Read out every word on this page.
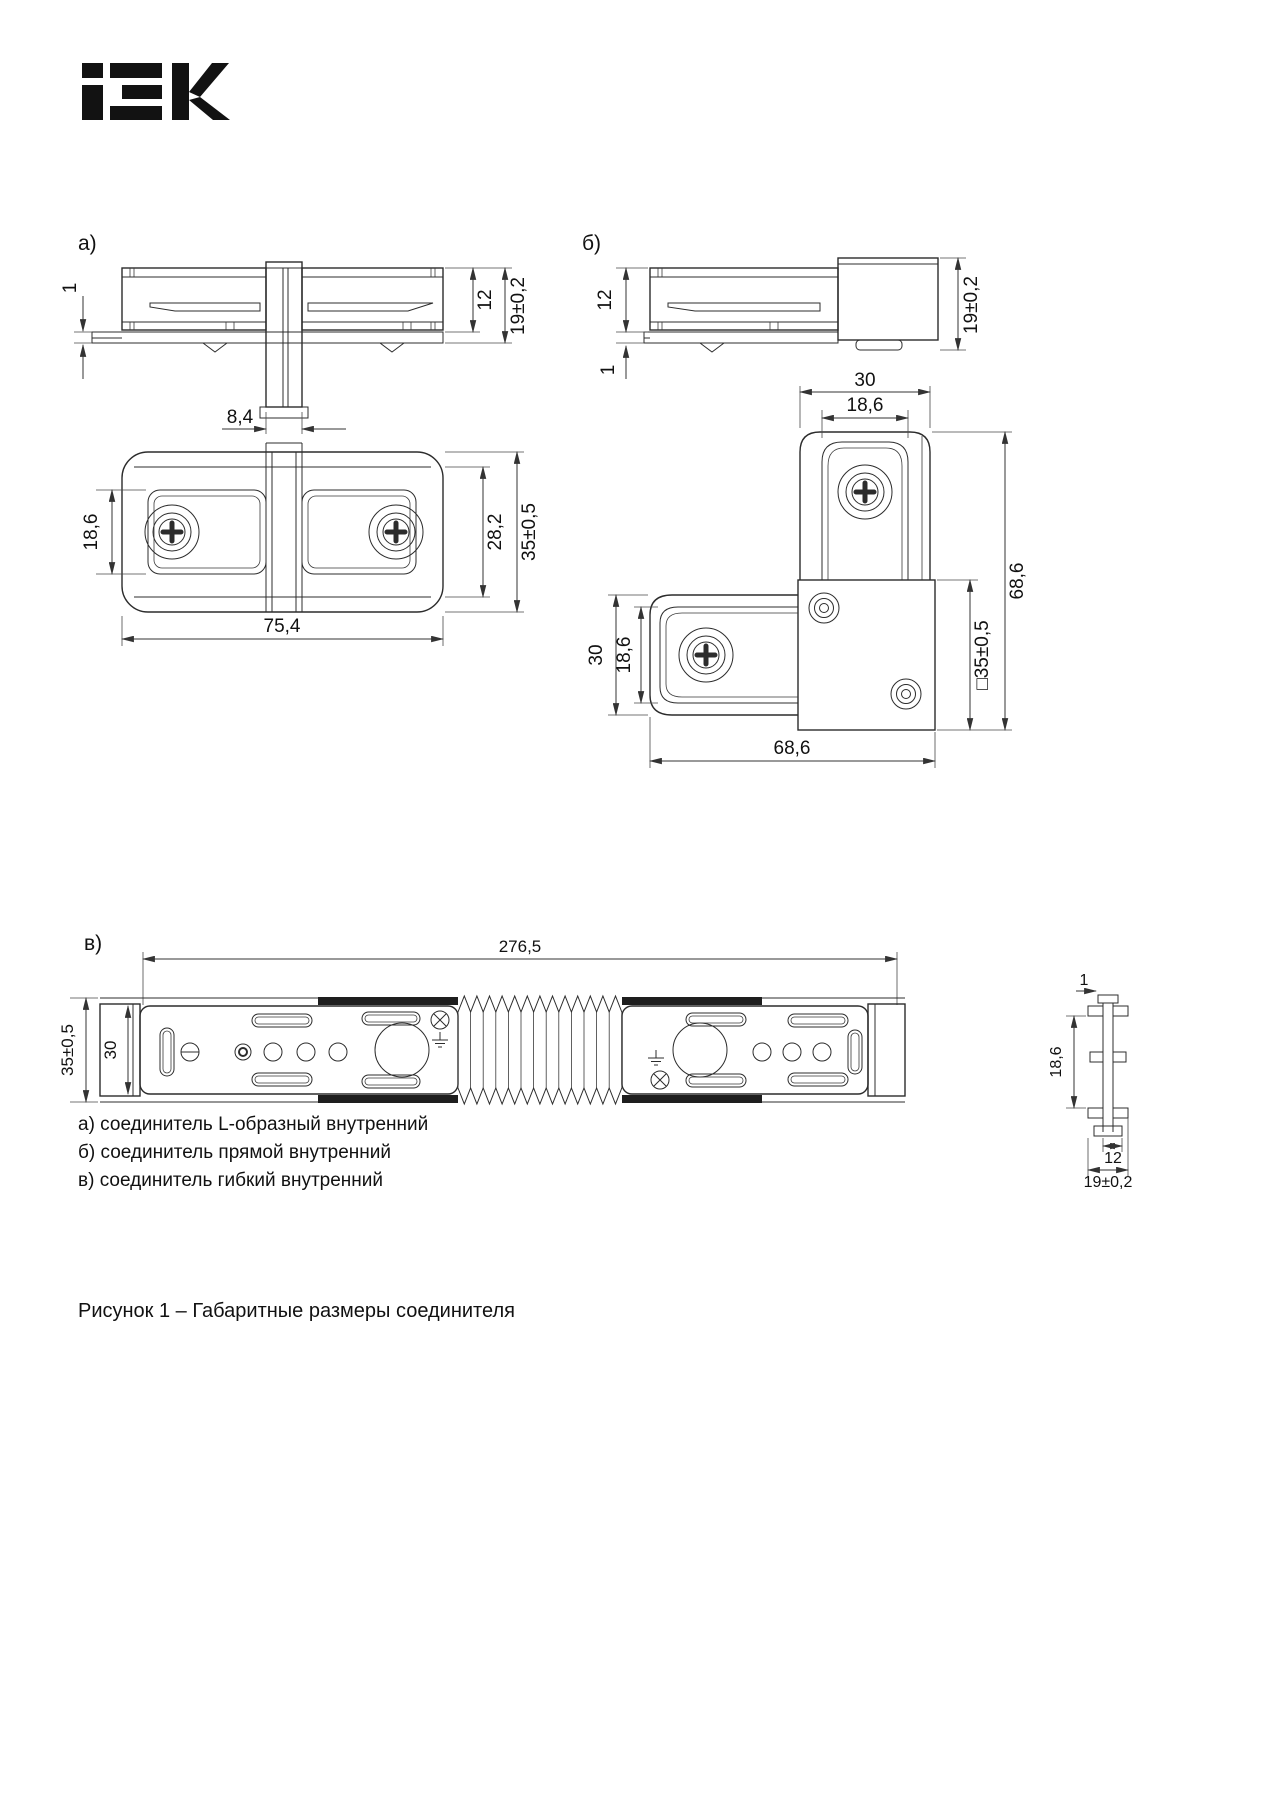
а)
1
8,4
12 19±0,2
18,6	28,2 35±0,5
75,4
б)
12
1
19±0,2
30
18,6
30 18,6
68,6
□35±0,5
68,6
в)	276,5
35±0,5 30
1
18,6
12
19±0,2
а) соединитель L-образный внутренний
б) соединитель прямой внутренний
в) соединитель гибкий внутренний
Рисунок 1 – Габаритные размеры соединителя
